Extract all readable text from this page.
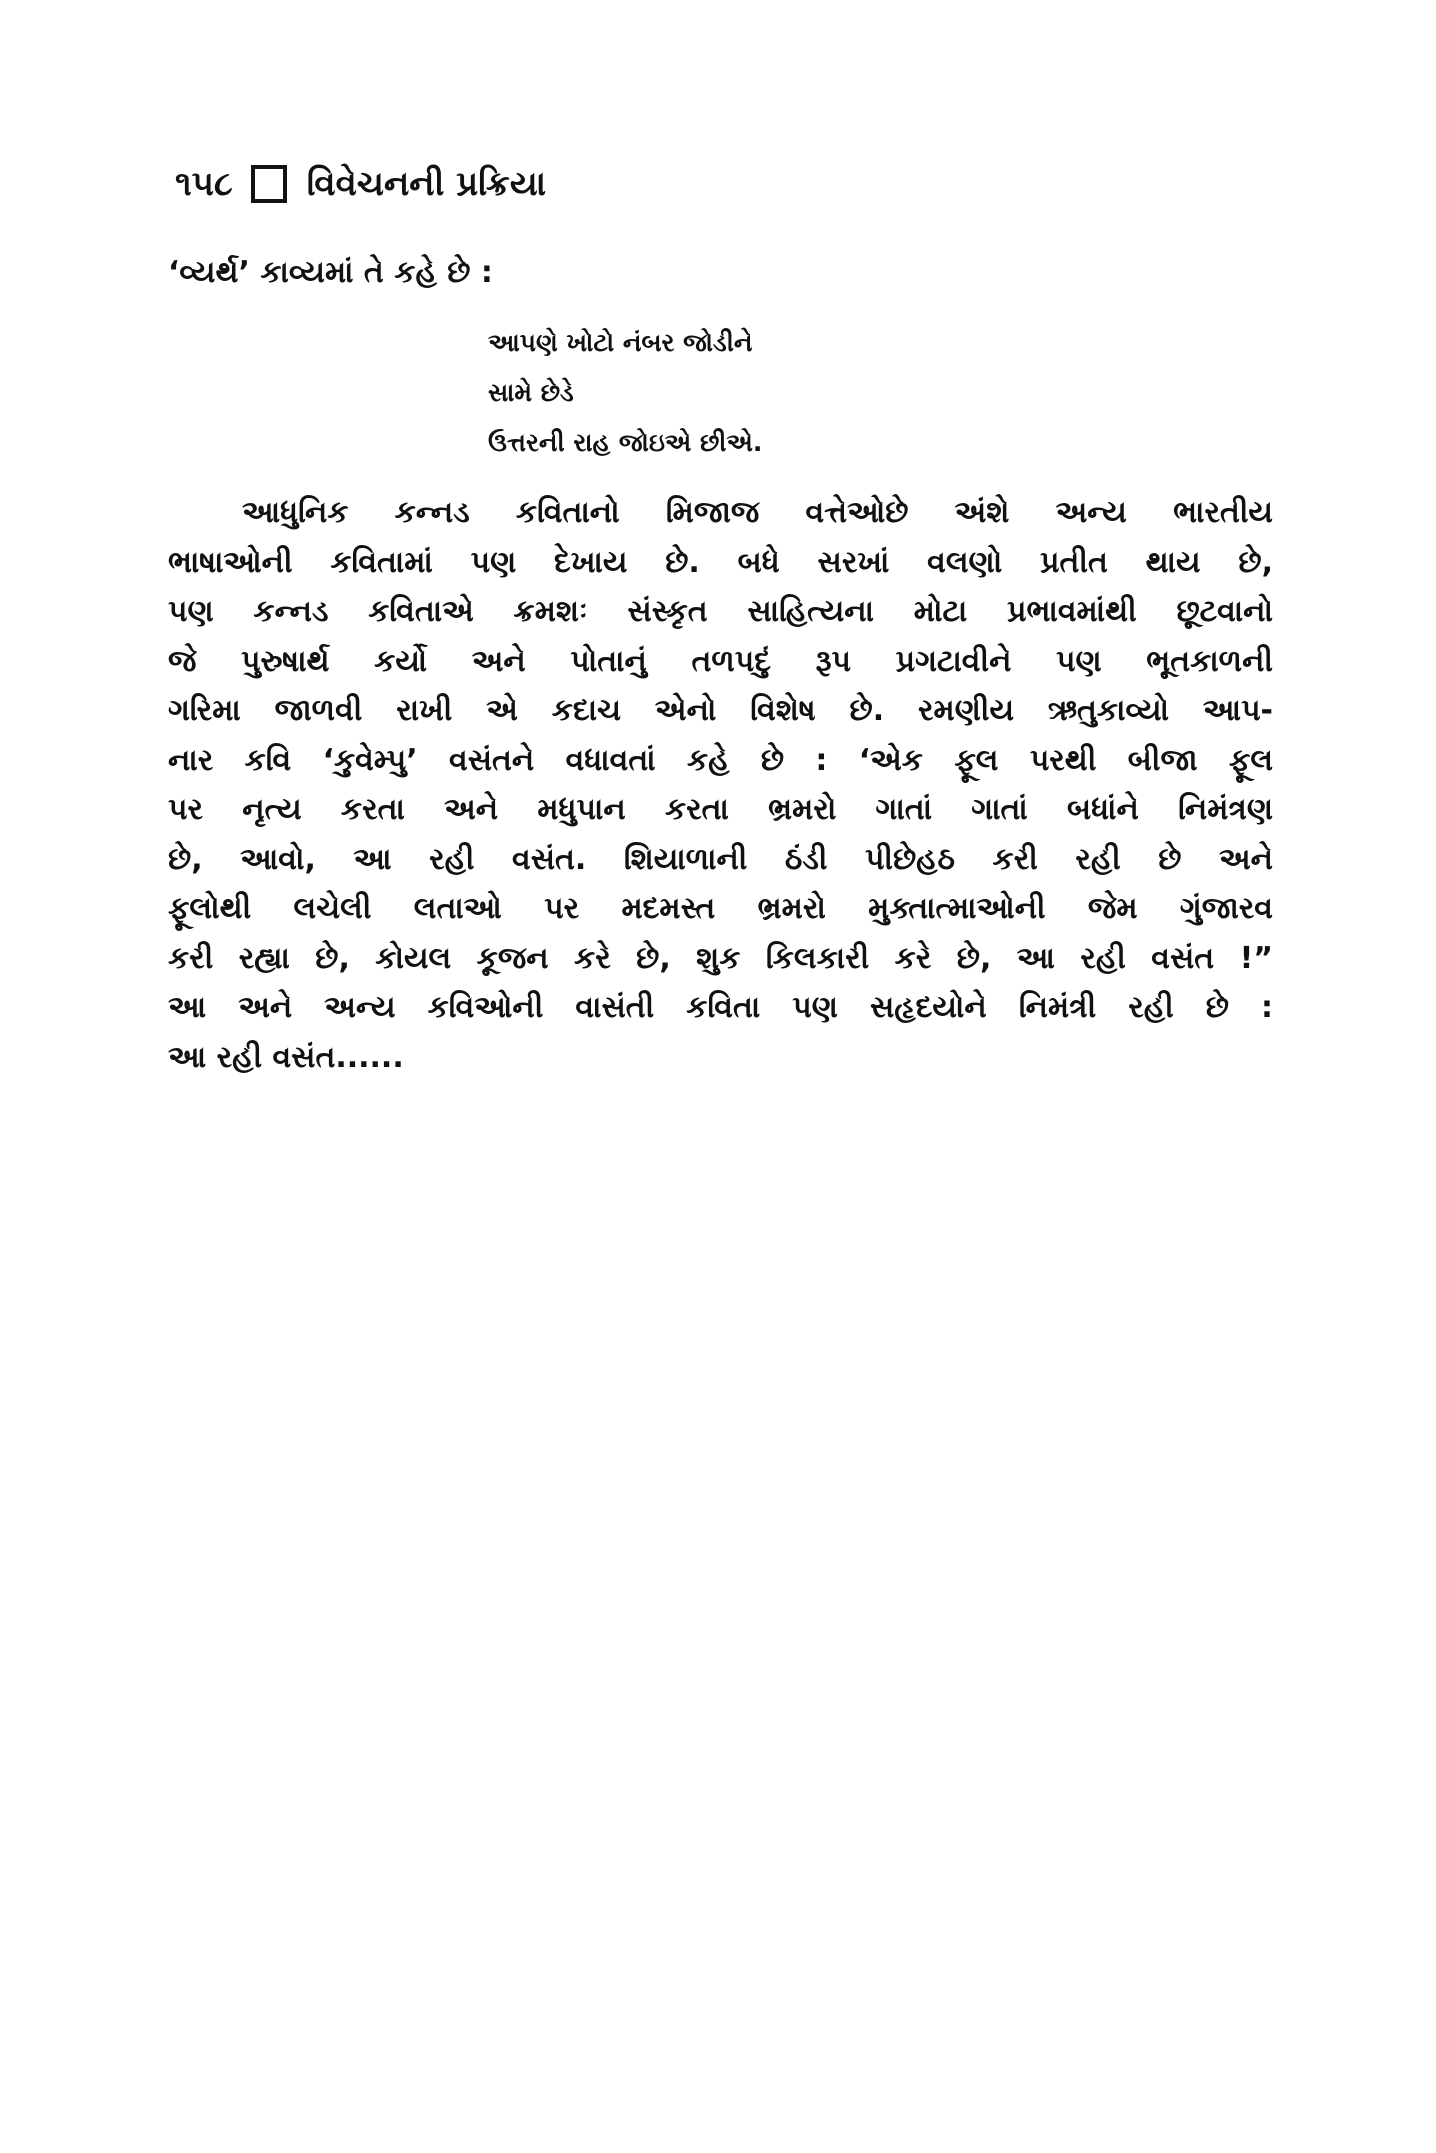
૧૫૮ વિવેચનની પ્રક્રિયા
‘વ્યર્થ’ કાવ્યમાં તે કહે છે :
આપણે ખોટો નંબર જોડીને
સામે છેડે
ઉત્તરની રાહ જોઇએ છીએ.
આધુનિક કન્નડ કવિતાનો મિજાજ વત્તેઓછે અંશે અન્ય ભારતીય
ભાષાઓની કવિતામાં પણ દેખાય છે. બધે સરખાં વલણો પ્રતીત થાય છે,
પણ કન્નડ કવિતાએ ક્રમશઃ સંસ્કૃત સાહિત્યના મોટા પ્રભાવમાંથી છૂટવાનો
જે પુરુષાર્થ કર્યો અને પોતાનું તળપદું રૂપ પ્રગટાવીને પણ ભૂતકાળની
ગરિમા જાળવી રાખી એ કદાચ એનો વિશેષ છે. રમણીય ઋતુકાવ્યો આપ-
નાર કવિ ‘કુવેમ્પુ’ વસંતને વધાવતાં કહે છે : ‘એક ફૂલ પરથી બીજા ફૂલ
પર નૃત્ય કરતા અને મધુપાન કરતા ભ્રમરો ગાતાં ગાતાં બધાંને નિમંત્રણ
છે, આવો, આ રહી વસંત. શિયાળાની ઠંડી પીછેહઠ કરી રહી છે અને
ફૂલોથી લચેલી લતાઓ પર મદમસ્ત ભ્રમરો મુક્તાત્માઓની જેમ ગુંજારવ
કરી રહ્યા છે, કોયલ કૂજન કરે છે, શુક કિલકારી કરે છે, આ રહી વસંત !”
આ અને અન્ય કવિઓની વાસંતી કવિતા પણ સહૃદયોને નિમંત્રી રહી છે :
આ રહી વસંત......
